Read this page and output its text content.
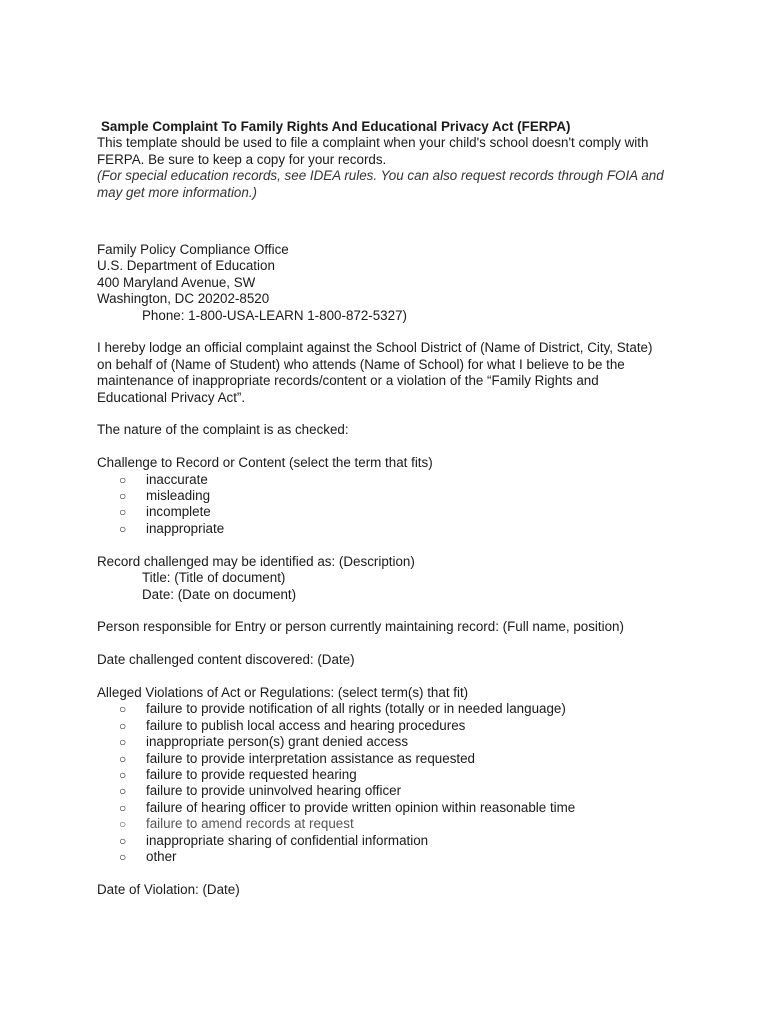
Sample Complaint To Family Rights And Educational Privacy Act (FERPA)

This template should be used to file a complaint when your child's school doesn't comply with FERPA. Be sure to keep a copy for your records.

(For special education records, see IDEA rules. You can also request records through FOIA and may get more information.)

Family Policy Compliance Office

U.S. Department of Education

400 Maryland Avenue, SW

Washington, DC 20202-8520

Phone: 1-800-USA-LEARN 1-800-872-5327)

I hereby lodge an official complaint against the School District of (Name of District, City, State) on behalf of (Name of Student) who attends (Name of School) for what I believe to be the maintenance of inappropriate records/content or a violation of the “Family Rights and Educational Privacy Act”.

The nature of the complaint is as checked:

Challenge to Record or Content (select the term that fits)

○ inaccurate
○ misleading
○ incomplete
○ inappropriate

Record challenged may be identified as: (Description)

Title: (Title of document)

Date: (Date on document)

Person responsible for Entry or person currently maintaining record: (Full name, position)

Date challenged content discovered: (Date)

Alleged Violations of Act or Regulations: (select term(s) that fit)

○ failure to provide notification of all rights (totally or in needed language)
○ failure to publish local access and hearing procedures
○ inappropriate person(s) grant denied access
○ failure to provide interpretation assistance as requested
○ failure to provide requested hearing
○ failure to provide uninvolved hearing officer
○ failure of hearing officer to provide written opinion within reasonable time
○ failure to amend records at request
○ inappropriate sharing of confidential information
○ other

Date of Violation: (Date)
